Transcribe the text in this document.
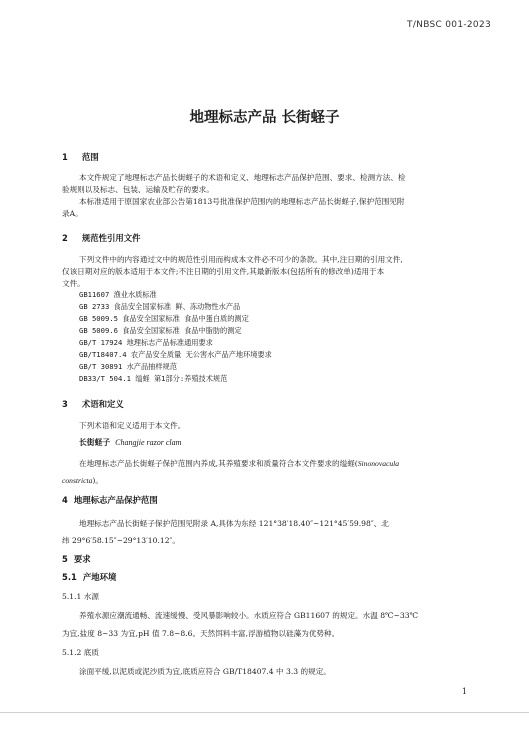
T/NBSC 001-2023
地理标志产品 长街蛏子
1 范围
本文件规定了地理标志产品长街蛏子的术语和定义、地理标志产品保护范围、要求、检测方法、检
验规则以及标志、包装、运输及贮存的要求。
本标准适用于原国家农业部公告第1813号批准保护范围内的地理标志产品长街蛏子,保护范围见附
录A。
2 规范性引用文件
下列文件中的内容通过文中的规范性引用而构成本文件必不可少的条款。其中,注日期的引用文件,
仅该日期对应的版本适用于本文件;不注日期的引用文件,其最新版本(包括所有的修改单)适用于本
文件。
GB11607 渔业水质标准
GB 2733 食品安全国家标准 鲜、冻动物性水产品
GB 5009.5 食品安全国家标准 食品中蛋白质的测定
GB 5009.6 食品安全国家标准 食品中脂肪的测定
GB/T 17924 地理标志产品标准通用要求
GB/T18407.4 农产品安全质量 无公害水产品产地环境要求
GB/T 30891 水产品抽样规范
DB33/T 504.1 缢蛏 第1部分:养殖技术规范
3 术语和定义
下列术语和定义适用于本文件。
长街蛏子 Changjie razor clam
在地理标志产品长街蛏子保护范围内养成,其养殖要求和质量符合本文件要求的缢蛏(Sinonovacula
constricta)。
4 地理标志产品保护范围
地理标志产品长街蛏子保护范围见附录 A,具体为东经 121°38′18.40″~121°45′59.98″、北
纬 29°6′58.15″~29°13′10.12″。
5 要求
5.1 产地环境
5.1.1 水源
养殖水源应潮流通畅、流速缓慢、受风暴影响较小。水质应符合 GB11607 的规定。水温 8℃~33℃
为宜,盐度 8~33 为宜,pH 值 7.8~8.6。天然饵料丰富,浮游植物以硅藻为优势种。
5.1.2 底质
涂面平缓,以泥质或泥沙质为宜,底质应符合 GB/T18407.4 中 3.3 的规定。
1
